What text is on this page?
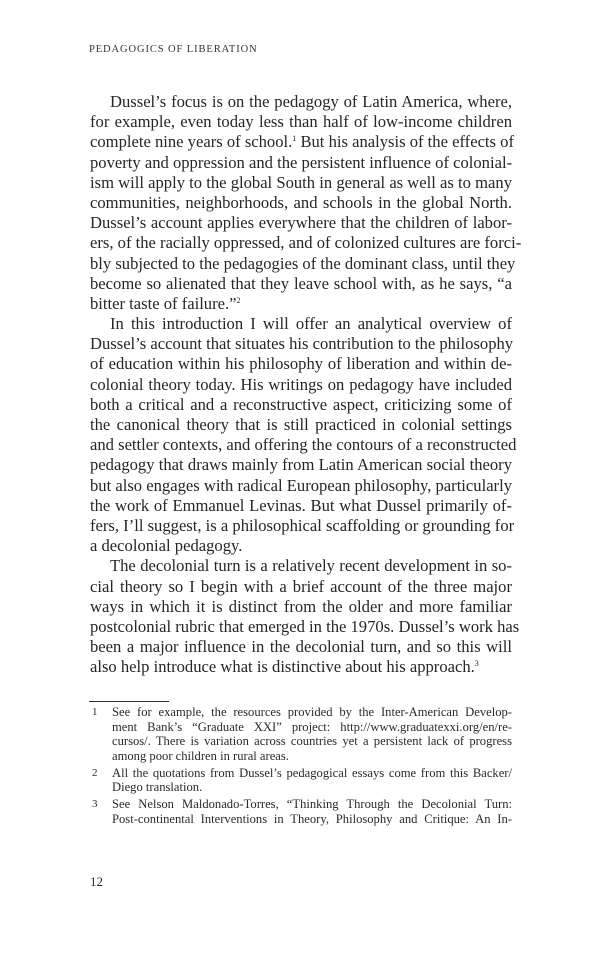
PEDAGOGICS OF LIBERATION
Dussel’s focus is on the pedagogy of Latin America, where,
for example, even today less than half of low-income children
complete nine years of school.$^1$ But his analysis of the effects of
poverty and oppression and the persistent influence of colonial-
ism will apply to the global South in general as well as to many
communities, neighborhoods, and schools in the global North.
Dussel’s account applies everywhere that the children of labor-
ers, of the racially oppressed, and of colonized cultures are forci-
bly subjected to the pedagogies of the dominant class, until they
become so alienated that they leave school with, as he says, “a
bitter taste of failure.”$^2$
In this introduction I will offer an analytical overview of
Dussel’s account that situates his contribution to the philosophy
of education within his philosophy of liberation and within de-
colonial theory today. His writings on pedagogy have included
both a critical and a reconstructive aspect, criticizing some of
the canonical theory that is still practiced in colonial settings
and settler contexts, and offering the contours of a reconstructed
pedagogy that draws mainly from Latin American social theory
but also engages with radical European philosophy, particularly
the work of Emmanuel Levinas. But what Dussel primarily of-
fers, I’ll suggest, is a philosophical scaffolding or grounding for
a decolonial pedagogy.
The decolonial turn is a relatively recent development in so-
cial theory so I begin with a brief account of the three major
ways in which it is distinct from the older and more familiar
postcolonial rubric that emerged in the 1970s. Dussel’s work has
been a major influence in the decolonial turn, and so this will
also help introduce what is distinctive about his approach.$^3$
1	See for example, the resources provided by the Inter-American Develop-
ment Bank’s “Graduate XXI” project: http://www.graduatexxi.org/en/re-
cursos/. There is variation across countries yet a persistent lack of progress
among poor children in rural areas.
2	All the quotations from Dussel’s pedagogical essays come from this Backer/
Diego translation.
3	See Nelson Maldonado-Torres, “Thinking Through the Decolonial Turn:
Post-continental Interventions in Theory, Philosophy and Critique: An In-
12
